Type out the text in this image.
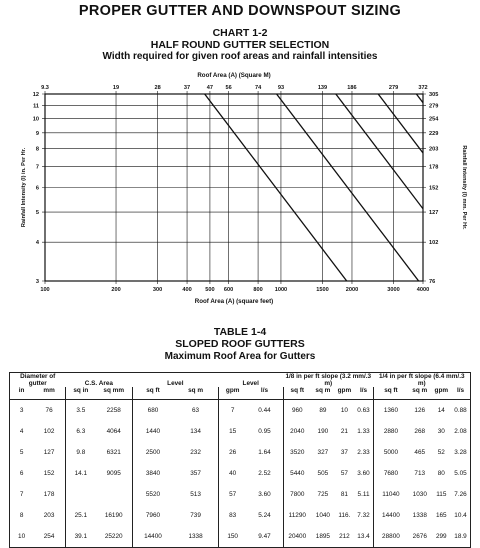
PROPER GUTTER AND DOWNSPOUT SIZING
CHART 1-2
HALF ROUND GUTTER SELECTION
Width required for given roof areas and rainfall intensities
100
9.3
200
19
300
28
400
37
500
47
600
56
800
74
1000
93
1500
139
2000
186
3000
279
4000
372
3	76
4	102
5	127
6	152
7	178
8	203
9	229
10	254
11	279
12	305
Roof Area (A) (Square M)
Roof Area (A) (square feet)
Rainfall Intensity (I) in. Per Hr.	Rainfall Intensity (I) mm. Per Hr.
TABLE 1-4
SLOPED ROOF GUTTERS
Maximum Roof Area for Gutters
Diameter of gutter		C.S. Area		Level		Level		1/8 in per ft slope (3.2 mm/.3 m)				1/4 in per ft slope (6.4 mm/.3 m)			
in	mm	sq in	sq mm	sq ft	sq m	gpm	l/s	sq ft	sq m	gpm	l/s	sq ft	sq m	gpm	l/s
3	76	3.5	2258	680	63	7	0.44	960	89	10	0.63	1360	126	14	0.88
4	102	6.3	4064	1440	134	15	0.95	2040	190	21	1.33	2880	268	30	2.08
5	127	9.8	6321	2500	232	26	1.64	3520	327	37	2.33	5000	465	52	3.28
6	152	14.1	9095	3840	357	40	2.52	5440	505	57	3.60	7680	713	80	5.05
7	178			5520	513	57	3.60	7800	725	81	5.11	11040	1030	115	7.26
8	203	25.1	16190	7960	739	83	5.24	11290	1040	116.	7.32	14400	1338	165	10.4
10	254	39.1	25220	14400	1338	150	9.47	20400	1895	212	13.4	28800	2676	299	18.9
